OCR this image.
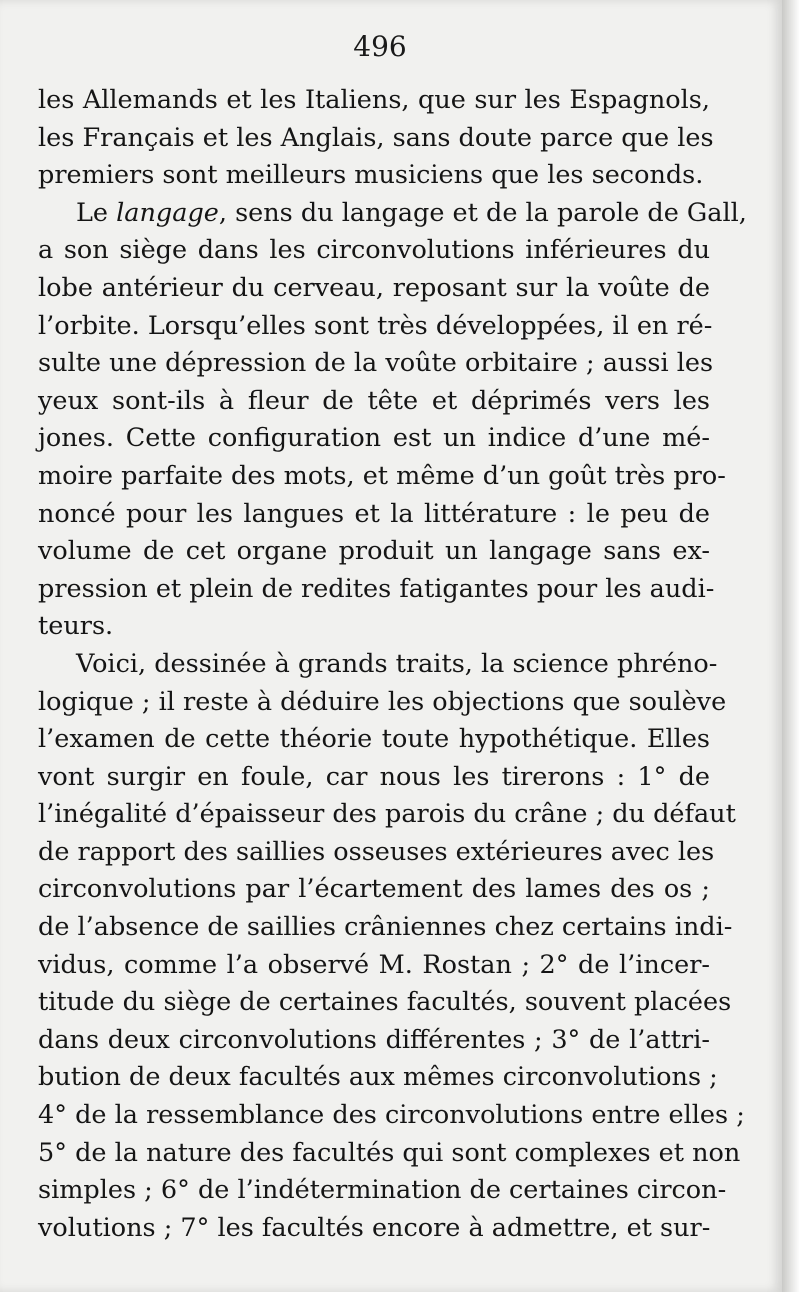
496
les Allemands et les Italiens, que sur les Espagnols,
les Français et les Anglais, sans doute parce que les
premiers sont meilleurs musiciens que les seconds.
Le langage, sens du langage et de la parole de Gall,
a son siège dans les circonvolutions inférieures du
lobe antérieur du cerveau, reposant sur la voûte de
l’orbite. Lorsqu’elles sont très développées, il en ré-
sulte une dépression de la voûte orbitaire ; aussi les
yeux sont-ils à fleur de tête et déprimés vers les
jones. Cette configuration est un indice d’une mé-
moire parfaite des mots, et même d’un goût très pro-
noncé pour les langues et la littérature : le peu de
volume de cet organe produit un langage sans ex-
pression et plein de redites fatigantes pour les audi-
teurs.
Voici, dessinée à grands traits, la science phréno-
logique ; il reste à déduire les objections que soulève
l’examen de cette théorie toute hypothétique. Elles
vont surgir en foule, car nous les tirerons : 1° de
l’inégalité d’épaisseur des parois du crâne ; du défaut
de rapport des saillies osseuses extérieures avec les
circonvolutions par l’écartement des lames des os ;
de l’absence de saillies crâniennes chez certains indi-
vidus, comme l’a observé M. Rostan ; 2° de l’incer-
titude du siège de certaines facultés, souvent placées
dans deux circonvolutions différentes ; 3° de l’attri-
bution de deux facultés aux mêmes circonvolutions ;
4° de la ressemblance des circonvolutions entre elles ;
5° de la nature des facultés qui sont complexes et non
simples ; 6° de l’indétermination de certaines circon-
volutions ; 7° les facultés encore à admettre, et sur-
